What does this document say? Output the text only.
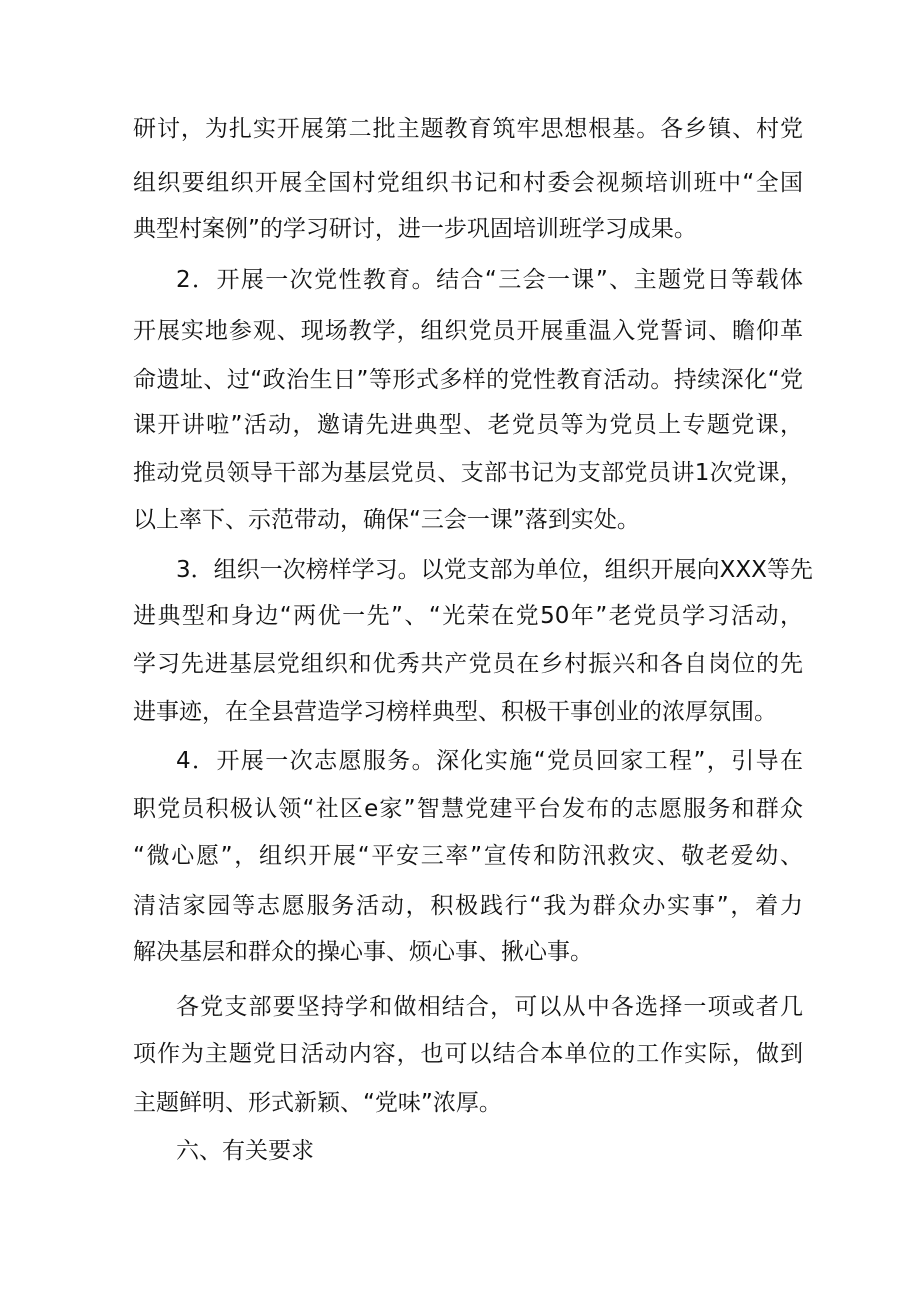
研讨，为扎实开展第二批主题教育筑牢思想根基。各乡镇、村党

组织要组织开展全国村党组织书记和村委会视频培训班中“全国

典型村案例”的学习研讨，进一步巩固培训班学习成果。

2．开展一次党性教育。结合“三会一课”、主题党日等载体

开展实地参观、现场教学，组织党员开展重温入党誓词、瞻仰革

命遗址、过“政治生日”等形式多样的党性教育活动。持续深化“党

课开讲啦”活动，邀请先进典型、老党员等为党员上专题党课，

推动党员领导干部为基层党员、支部书记为支部党员讲1次党课，

以上率下、示范带动，确保“三会一课”落到实处。

3．组织一次榜样学习。以党支部为单位，组织开展向XXX等先

进典型和身边“两优一先”、“光荣在党50年”老党员学习活动，

学习先进基层党组织和优秀共产党员在乡村振兴和各自岗位的先

进事迹，在全县营造学习榜样典型、积极干事创业的浓厚氛围。

4．开展一次志愿服务。深化实施“党员回家工程”，引导在

职党员积极认领“社区e家”智慧党建平台发布的志愿服务和群众

“微心愿”，组织开展“平安三率”宣传和防汛救灾、敬老爱幼、

清洁家园等志愿服务活动，积极践行“我为群众办实事”，着力

解决基层和群众的操心事、烦心事、揪心事。

各党支部要坚持学和做相结合，可以从中各选择一项或者几

项作为主题党日活动内容，也可以结合本单位的工作实际，做到

主题鲜明、形式新颖、“党味”浓厚。

六、有关要求
